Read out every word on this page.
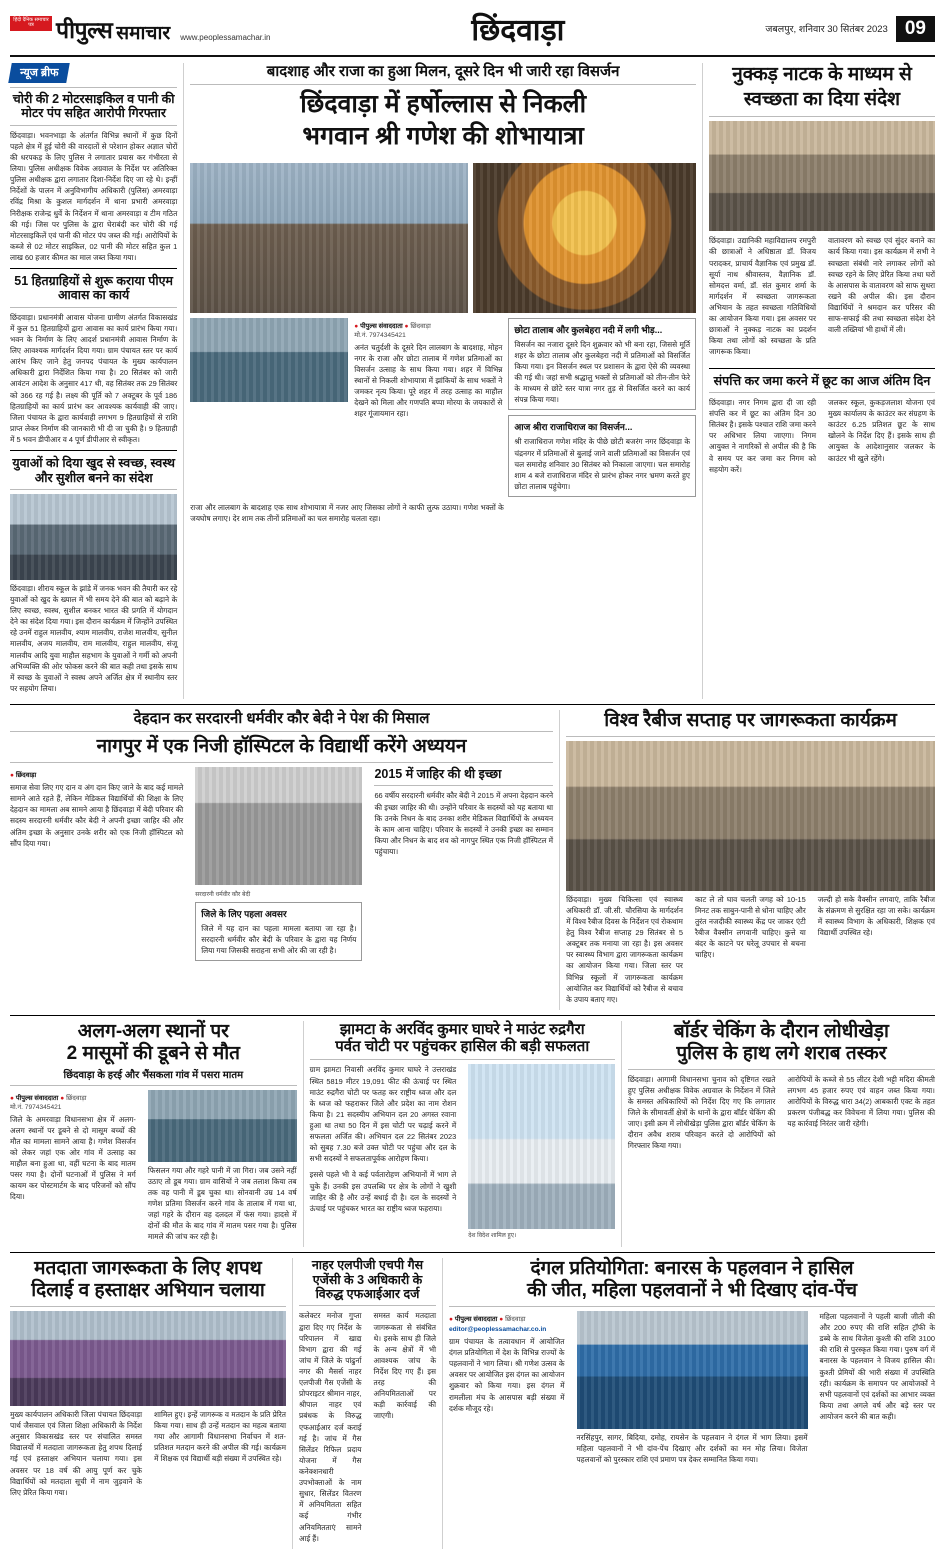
हिंदी दैनिक समाचार पत्र पीपुल्स समाचार www.peoplessamachar.in	छिंदवाड़ा	जबलपुर, शनिवार 30 सितंबर 2023 09
न्यूज ब्रीफ
चोरी की 2 मोटरसाइकिल व पानी की मोटर पंप सहित आरोपी गिरफ्तार

छिंदवाड़ा। भवनभाड़ा के अंतर्गत विभिन्न स्थानों में कुछ दिनों पहले क्षेत्र में हुई चोरी की वारदातों से परेशान होकर अज्ञात चोरों की धरपकड़ के लिए पुलिस ने लगातार प्रयास कर गंभीरता से लिया। पुलिस अधीक्षक विवेक अग्रवाल के निर्देश पर अतिरिक्त पुलिस अधीक्षक द्वारा लगातार दिशा-निर्देश दिए जा रहे थे। इन्हीं निर्देशों के पालन में अनुविभागीय अधिकारी (पुलिस) अमरवाड़ा रविंद्र मिश्रा के कुशल मार्गदर्शन में थाना प्रभारी अमरवाड़ा निरीक्षक राजेन्द्र धुर्वे के निर्देशन में थाना अमरवाड़ा व टीम गठित की गई। जिस पर पुलिस के द्वारा घेराबंदी कर चोरी की गई मोटरसाइकिलें एवं पानी की मोटर पंप जब्त की गई। आरोपियों के कब्जे से 02 मोटर साइकिल, 02 पानी की मोटर सहित कुल 1 लाख 60 हजार कीमत का माल जब्त किया गया।

51 हितग्राहियों से शुरू कराया पीएम आवास का कार्य

छिंदवाड़ा। प्रधानमंत्री आवास योजना ग्रामीण अंतर्गत विकासखंड में कुल 51 हितग्राहियों द्वारा आवास का कार्य प्रारंभ किया गया। भवन के निर्माण के लिए आदर्श प्रधानमंत्री आवास निर्माण के लिए आवश्यक मार्गदर्शन दिया गया। ग्राम पंचायत स्तर पर कार्य आरंभ किए जाने हेतु जनपद पंचायत के मुख्य कार्यपालन अधिकारी द्वारा निर्देशित किया गया है। 20 सितंबर को जारी आवंटन आदेश के अनुसार 417 थी, वह सितंबर तक 29 सितंबर को 366 रह गई है। लक्ष्य की पूर्ति को 7 अक्टूबर के पूर्व 186 हितग्राहियों का कार्य प्रारंभ कर आवश्यक कार्यवाही की जाए। जिला पंचायत के द्वारा कार्यवाही लगभग 9 हितग्राहियों से राशि प्राप्त लेकर निर्माण की जानकारी भी दी जा चुकी है। 9 हितग्राही में 5 भवन डीपीआर व 4 पूर्ण डीपीआर से स्वीकृत।

युवाओं को दिया खुद से स्वच्छ, स्वस्थ और सुशील बनने का संदेश

छिंदवाड़ा। शीराय स्कूल के झांडे में जनक भवन की तैयारी कर रहे युवाओं को खुद के ख्याल में भी समय देने की बात को बढ़ाने के लिए स्वच्छ, स्वस्थ, सुशील बनकर भारत की प्रगति में योगदान देने का संदेश दिया गया। इस दौरान कार्यक्रम में जिन्होंने उपस्थित रहे उनमें राहुल मालवीय, श्याम मालवीय, राजेश मालवीय, सुनील मालवीय, अजय मालवीय, राम मालवीय, राहुल मालवीय, संजू मालवीय आदि युवा माहौल सहभाग के युवाओं ने गर्मी को अपनी अभिव्यक्ति की ओर फोकस करने की बात कही तथा इसके साथ में स्वच्छ के युवाओं ने स्वस्थ अपने अर्जित क्षेत्र में स्थानीय स्तर पर सहयोग लिया।

बादशाह और राजा का हुआ मिलन, दूसरे दिन भी जारी रहा विसर्जन
छिंदवाड़ा में हर्षोल्लास से निकली
भगवान श्री गणेश की शोभायात्रा
● पीपुल्स संवाददाता ● छिंदवाड़ा
मो.नं. 7974345421

अनंत चतुर्दशी के दूसरे दिन लालबाग के बादशाह, मोहन नगर के राजा और छोटा तालाब में गणेश प्रतिमाओं का विसर्जन उत्साह के साथ किया गया। शहर में विभिन्न स्थानों से निकली शोभायात्रा में झांकियों के साथ भक्तों ने जमकर नृत्य किया। पूरे शहर में तरह उत्साह का माहौल देखने को मिला और गणपति बप्पा मोरया के जयकारों से शहर गूंजायमान रहा।

छोटा तालाब और कुलबेहरा नदी में लगी भीड़...

विसर्जन का नजारा दूसरे दिन शुक्रवार को भी बना रहा, जिससे मूर्ति शहर के छोटा तालाब और कुलबेहरा नदी में प्रतिमाओं को विसर्जित किया गया। इन विसर्जन स्थल पर प्रशासन के द्वारा ऐसे की व्यवस्था की गई थी। जहां सभी श्रद्धालु भक्तों से प्रतिमाओं को तीन-तीन फेरे के माध्यम से छोटे स्तर यात्रा नगर तुड़ से विसर्जित करने का कार्य संपन्न किया गया।

आज श्रीरा राजाधिराज का विसर्जन...

श्री राजाधिराज गणेश मंदिर के पीछे छोटी बजरंग नगर छिंदवाड़ा के चंद्रनगर में प्रतिमाओं से बुलाई जाने वाली प्रतिमाओं का विसर्जन एवं चल समारोह शनिवार 30 सितंबर को निकाला जाएगा। चल समारोह शाम 4 बजे राजाधिराज मंदिर से प्रारंभ होकर नगर भ्रमण करते हुए छोटा तालाब पहुंचेगा।

राजा और लालबाग के बादशाह एक साथ शोभायात्रा में नजर आए जिसका लोगों ने काफी लुत्फ उठाया। गणेश भक्तों के जयघोष लगाए। देर शाम तक तीनों प्रतिमाओं का चल समारोह चलता रहा।

नुक्कड़ नाटक के माध्यम से स्वच्छता का दिया संदेश

छिंदवाड़ा। उद्यानिकी महाविद्यालय रमपुरी की छात्राओं ने अधिष्ठाता डॉ. विजय परादकर, प्राचार्य वैज्ञानिक एवं प्रमुख डॉ. सूर्या नाथ श्रीवास्तव, वैज्ञानिक डॉ. सोमदत्त वर्मा, डॉ. संत कुमार शर्मा के मार्गदर्शन में स्वच्छता जागरूकता अभियान के तहत स्वच्छता गतिविधियों का आयोजन किया गया। इस अवसर पर छात्राओं ने नुक्कड़ नाटक का प्रदर्शन किया तथा लोगों को स्वच्छता के प्रति जागरूक किया।

वातावरण को स्वच्छ एवं सुंदर बनाने का कार्य किया गया। इस कार्यक्रम में सभी ने स्वच्छता संबंधी नारे लगाकर लोगों को स्वच्छ रहने के लिए प्रेरित किया तथा घरों के आसपास के वातावरण को साफ सुथरा रखने की अपील की। इस दौरान विद्यार्थियों ने श्रमदान कर परिसर की साफ-सफाई की तथा स्वच्छता संदेश देने वाली तख्तियां भी हाथों में ली।

संपत्ति कर जमा करने में छूट का आज अंतिम दिन

छिंदवाड़ा। नगर निगम द्वारा दी जा रही संपत्ति कर में छूट का अंतिम दिन 30 सितंबर है। इसके पश्चात राशि जमा करने पर अधिभार लिया जाएगा। निगम आयुक्त ने नागरिकों से अपील की है कि वे समय पर कर जमा कर निगम को सहयोग करें।

जलकर स्कूल, कुकड़जलाश योजना एवं मुख्य कार्यालय के काउंटर कर संग्रहण के काउंटर 6.25 प्रतिशत छूट के साथ खोलने के निर्देश दिए हैं। इसके साथ ही आयुक्त के आदेशानुसार जलकर के काउंटर भी खुले रहेंगे।

देहदान कर सरदारनी धर्मवीर कौर बेदी ने पेश की मिसाल
नागपुर में एक निजी हॉस्पिटल के विद्यार्थी करेंगे अध्ययन
● छिंदवाड़ा

समाज सेवा लिए गए दान व अंग दान किए जाने के बाद कई मामले सामने आते रहते हैं, लेकिन मेडिकल विद्यार्थियों की शिक्षा के लिए देहदान का मामला अब सामने आया है छिंदवाड़ा में बेदी परिवार की सदस्य सरदारनी धर्मवीर कौर बेदी ने अपनी इच्छा जाहिर की और अंतिम इच्छा के अनुसार उनके शरीर को एक निजी हॉस्पिटल को सौंप दिया गया।

सरदारनी धर्मवीर कौर बेदी
जिले के लिए पहला अवसर

जिले में यह दान का पहला मामला बताया जा रहा है। सरदारनी धर्मवीर कौर बेदी के परिवार के द्वारा यह निर्णय लिया गया जिसकी सराहना सभी ओर की जा रही है।

2015 में जाहिर की थी इच्छा

66 वर्षीय सरदारनी धर्मवीर कौर बेदी ने 2015 में अपना देहदान करने की इच्छा जाहिर की थी। उन्होंने परिवार के सदस्यों को यह बताया था कि उनके निधन के बाद उनका शरीर मेडिकल विद्यार्थियों के अध्ययन के काम आना चाहिए। परिवार के सदस्यों ने उनकी इच्छा का सम्मान किया और निधन के बाद शव को नागपुर स्थित एक निजी हॉस्पिटल में पहुंचाया।

विश्व रैबीज सप्ताह पर जागरूकता कार्यक्रम

छिंदवाड़ा। मुख्य चिकित्सा एवं स्वास्थ्य अधिकारी डॉ. जी.सी. चौरसिया के मार्गदर्शन में विश्व रैबीज दिवस के निर्देशन एवं रोकथाम हेतु विश्व रैबीज सप्ताह 29 सितंबर से 5 अक्टूबर तक मनाया जा रहा है। इस अवसर पर स्वास्थ्य विभाग द्वारा जागरूकता कार्यक्रम का आयोजन किया गया। जिला स्तर पर विभिन्न स्कूलों में जागरूकता कार्यक्रम आयोजित कर विद्यार्थियों को रैबीज से बचाव के उपाय बताए गए।

काट ले तो घाव चलती जगह को 10-15 मिनट तक साबुन-पानी से धोना चाहिए और तुरंत नजदीकी स्वास्थ्य केंद्र पर जाकर एंटी रैबीज वैक्सीन लगवानी चाहिए। कुत्ते या बंदर के काटने पर घरेलू उपचार से बचना चाहिए।

जल्दी हो सके वैक्सीन लगवाएं, ताकि रैबीज के संक्रमण से सुरक्षित रहा जा सके। कार्यक्रम में स्वास्थ्य विभाग के अधिकारी, शिक्षक एवं विद्यार्थी उपस्थित रहे।

अलग-अलग स्थानों पर
2 मासूमों की डूबने से मौत
छिंदवाड़ा के हरई और भैंसकला गांव में पसरा मातम
● पीपुल्स संवाददाता ● छिंदवाड़ा
मो.नं. 7974345421

जिले के अमरवाड़ा विधानसभा क्षेत्र में अलग-अलग स्थानों पर डूबने से दो मासूम बच्चों की मौत का मामला सामने आया है। गणेश विसर्जन को लेकर जहां एक ओर गांव में उत्साह का माहौल बना हुआ था, वहीं घटना के बाद मातम पसर गया है। दोनों घटनाओं में पुलिस ने मर्ग कायम कर पोस्टमार्टम के बाद परिजनों को सौंप दिया।

फिसलन गया और गहरे पानी में जा गिरा। जब उसने नहीं उठाए तो डूब गया। ग्राम वासियों ने जब तलाश किया तब तक वह पानी में डूब चुका था। सोनवानी उम्र 14 वर्ष गणेश प्रतिमा विसर्जन करने गांव के तालाब में गया था, जहां गहरे के दौरान वह दलदल में फंस गया। हादसे में दोनों की मौत के बाद गांव में मातम पसर गया है। पुलिस मामले की जांच कर रही है।

झामटा के अरविंद कुमार घाघरे ने माउंट रुद्रगैरा
पर्वत चोटी पर पहुंचकर हासिल की बड़ी सफलता

ग्राम झामटा निवासी अरविंद कुमार घाघरे ने उत्तराखंड स्थित 5819 मीटर 19,091 फीट की ऊंचाई पर स्थित माउंट रुद्रगैरा चोटी पर फतह कर राष्ट्रीय ध्वज और दल के ध्वज को फहराकर जिले और प्रदेश का नाम रोशन किया है। 21 सदस्यीय अभियान दल 20 अगस्त रवाना हुआ था तथा 50 दिन में इस चोटी पर चढ़ाई करने में सफलता अर्जित की। अभियान दल 22 सितंबर 2023 को सुबह 7.30 बजे उक्त चोटी पर पहुंचा और दल के सभी सदस्यों ने सफलतापूर्वक आरोहण किया।

इससे पहले भी वे कई पर्वतारोहण अभियानों में भाग ले चुके हैं। उनकी इस उपलब्धि पर क्षेत्र के लोगों ने खुशी जाहिर की है और उन्हें बधाई दी है। दल के सदस्यों ने ऊंचाई पर पहुंचकर भारत का राष्ट्रीय ध्वज फहराया।

देश विदेश शामिल हुए।
बॉर्डर चेकिंग के दौरान लोधीखेड़ा
पुलिस के हाथ लगे शराब तस्कर

छिंदवाड़ा। आगामी विधानसभा चुनाव को दृष्टिगत रखते हुए पुलिस अधीक्षक विवेक अग्रवाल के निर्देशन में जिले के समस्त अधिकारियों को निर्देश दिए गए कि लगातार जिले के सीमावर्ती क्षेत्रों के थानों के द्वारा बॉर्डर चेकिंग की जाए। इसी क्रम में लोधीखेड़ा पुलिस द्वारा बॉर्डर चेकिंग के दौरान अवैध शराब परिवहन करते दो आरोपियों को गिरफ्तार किया गया।

आरोपियों के कब्जे से 55 लीटर देशी भट्टी मदिरा कीमती लगभग 45 हजार रुपए एवं वाहन जब्त किया गया। आरोपियों के विरुद्ध धारा 34(2) आबकारी एक्ट के तहत प्रकरण पंजीबद्ध कर विवेचना में लिया गया। पुलिस की यह कार्रवाई निरंतर जारी रहेगी।

मतदाता जागरूकता के लिए शपथ
दिलाई व हस्ताक्षर अभियान चलाया

मुख्य कार्यपालन अधिकारी जिला पंचायत छिंदवाड़ा पार्थ जैसवाल एवं जिला शिक्षा अधिकारी के निर्देश अनुसार विकासखंड स्तर पर संचालित समस्त विद्यालयों में मतदाता जागरूकता हेतु शपथ दिलाई गई एवं हस्ताक्षर अभियान चलाया गया। इस अवसर पर 18 वर्ष की आयु पूर्ण कर चुके विद्यार्थियों को मतदाता सूची में नाम जुड़वाने के लिए प्रेरित किया गया।

शामिल हुए। इन्हें जागरूक व मतदान के प्रति प्रेरित किया गया। साथ ही उन्हें मतदान का महत्व बताया गया और आगामी विधानसभा निर्वाचन में शत-प्रतिशत मतदान करने की अपील की गई। कार्यक्रम में शिक्षक एवं विद्यार्थी बड़ी संख्या में उपस्थित रहे।

नाहर एलपीजी एचपी गैस
एजेंसी के 3 अधिकारी के
विरुद्ध एफआईआर दर्ज

कलेक्टर मनोज गुप्ता द्वारा दिए गए निर्देश के परिपालन में खाद्य विभाग द्वारा की गई जांच में जिले के पांढुर्ना नगर की मैसर्स नाहर एलपीजी गैस एजेंसी के प्रोपराइटर श्रीमान नाहर, श्रीपाल नाहर एवं प्रबंधक के विरुद्ध एफआईआर दर्ज कराई गई है। जांच में गैस सिलेंडर रिफिल प्रदाय योजना में गैस कनेक्शनधारी उपभोक्ताओं के नाम सुधार, सिलेंडर वितरण में अनियमितता सहित कई गंभीर अनियमितताएं सामने आई हैं।

समस्त कार्य मतदाता जागरूकता से संबंधित थे। इसके साथ ही जिले के अन्य क्षेत्रों में भी आवश्यक जांच के निर्देश दिए गए हैं। इस तरह की अनियमितताओं पर कड़ी कार्रवाई की जाएगी।

दंगल प्रतियोगिता: बनारस के पहलवान ने हासिल
की जीत, महिला पहलवानों ने भी दिखाए दांव-पेंच
● पीपुल्स संवाददाता ● छिंदवाड़ा
editor@peoplessamachar.co.in

ग्राम पंचायत के तत्वावधान में आयोजित दंगल प्रतियोगिता में देश के विभिन्न राज्यों के पहलवानों ने भाग लिया। श्री गणेश उत्सव के अवसर पर आयोजित इस दंगल का आयोजन शुक्रवार को किया गया। इस दंगल में रामलीला मंच के आसपास बड़ी संख्या में दर्शक मौजूद रहे।

नरसिंहपुर, सागर, बिदिया, दमोह, रायसेन के पहलवान ने दंगल में भाग लिया। इसमें महिला पहलवानों ने भी दांव-पेंच दिखाए और दर्शकों का मन मोह लिया। विजेता पहलवानों को पुरस्कार राशि एवं प्रमाण पत्र देकर सम्मानित किया गया।

महिला पहलवानों ने पहली बाजी जीती की और 200 रुपए की राशि सहित ट्रॉफी के डब्बे के साथ विजेता कुश्ती की राशि 3100 की राशि से पुरस्कृत किया गया। पुरुष वर्ग में बनारस के पहलवान ने विजय हासिल की। कुश्ती प्रेमियों की भारी संख्या में उपस्थिति रही। कार्यक्रम के समापन पर आयोजकों ने सभी पहलवानों एवं दर्शकों का आभार व्यक्त किया तथा अगले वर्ष और बड़े स्तर पर आयोजन करने की बात कही।
